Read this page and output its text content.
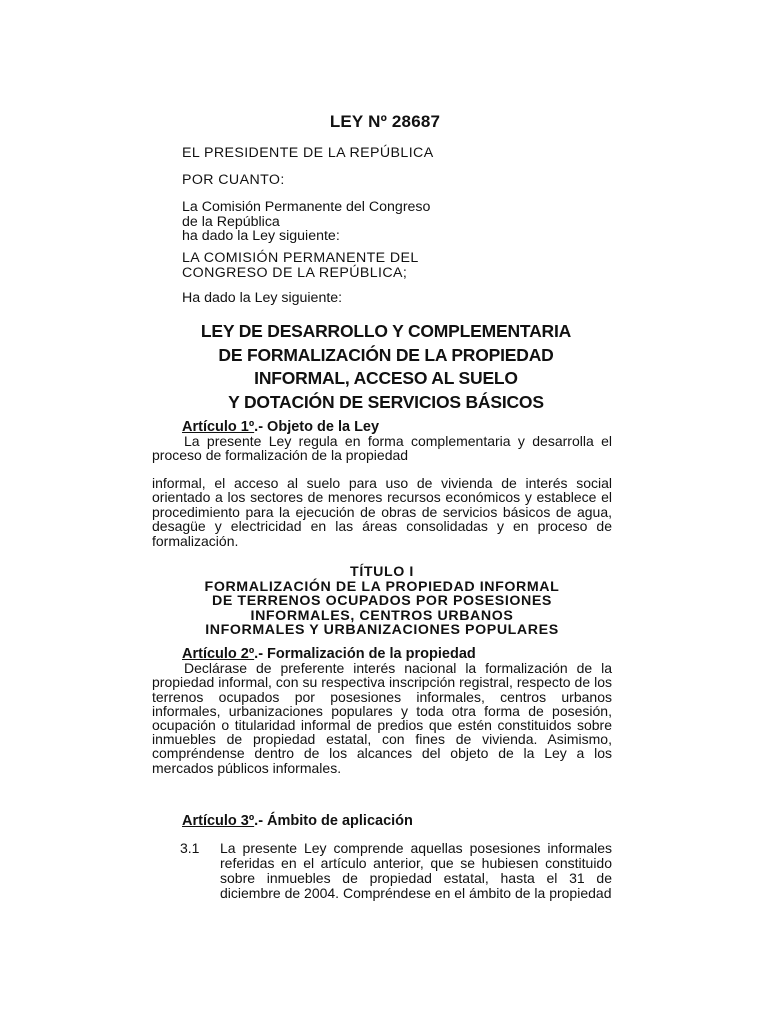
LEY Nº 28687
EL PRESIDENTE DE LA REPÚBLICA
POR CUANTO:
La Comisión Permanente del Congreso
de la República
ha dado la Ley siguiente:
LA COMISIÓN PERMANENTE DEL
CONGRESO DE LA REPÚBLICA;
Ha dado la Ley siguiente:
LEY DE DESARROLLO Y COMPLEMENTARIA
DE FORMALIZACIÓN DE LA PROPIEDAD
INFORMAL, ACCESO AL SUELO
Y DOTACIÓN DE SERVICIOS BÁSICOS
Artículo 1º.- Objeto de la Ley
La presente Ley regula en forma complementaria y desarrolla el proceso de formalización de la propiedad
informal, el acceso al suelo para uso de vivienda de interés social orientado a los sectores de menores recursos económicos y establece el procedimiento para la ejecución de obras de servicios básicos de agua, desagüe y electricidad en las áreas consolidadas y en proceso de formalización.
TÍTULO I
FORMALIZACIÓN DE LA PROPIEDAD INFORMAL
DE TERRENOS OCUPADOS POR POSESIONES
INFORMALES, CENTROS URBANOS
INFORMALES Y URBANIZACIONES POPULARES
Artículo 2º.- Formalización de la propiedad
Declárase de preferente interés nacional la formalización de la propiedad informal, con su respectiva inscripción registral, respecto de los terrenos ocupados por posesiones informales, centros urbanos informales, urbanizaciones populares y toda otra forma de posesión, ocupación o titularidad informal de predios que estén constituidos sobre inmuebles de propiedad estatal, con fines de vivienda. Asimismo, compréndense dentro de los alcances del objeto de la Ley a los mercados públicos informales.
Artículo 3º.- Ámbito de aplicación
3.1 La presente Ley comprende aquellas posesiones informales referidas en el artículo anterior, que se hubiesen constituido sobre inmuebles de propiedad estatal, hasta el 31 de diciembre de 2004. Compréndese en el ámbito de la propiedad
